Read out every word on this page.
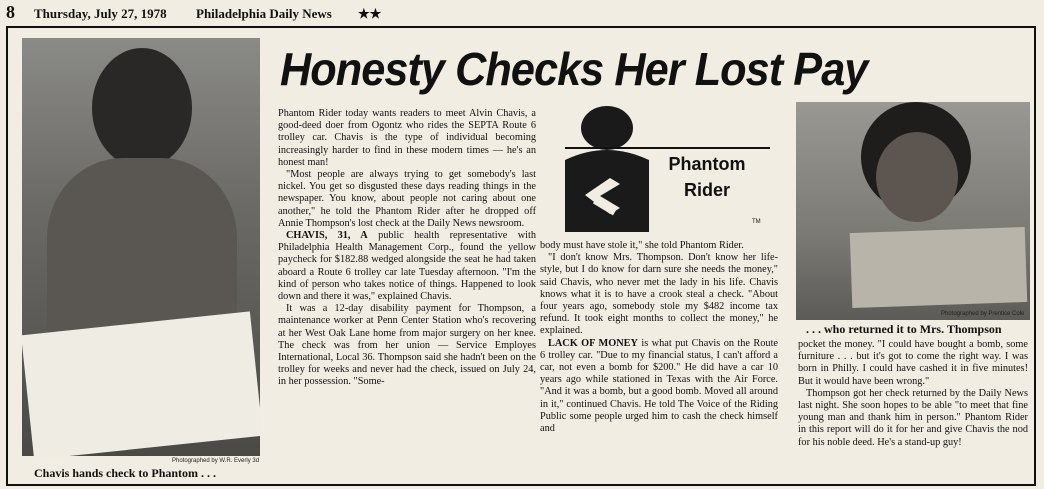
8 Thursday, July 27, 1978 Philadelphia Daily News ★★
Photographed by W.R. Everly 3d
Chavis hands check to Phantom . . .
Honesty Checks Her Lost Pay

Phantom Rider today wants readers to meet Alvin Chavis, a good-deed doer from Ogontz who rides the SEPTA Route 6 trolley car. Chavis is the type of individual becoming increasingly harder to find in these modern times — he's an honest man!

"Most people are always trying to get somebody's last nickel. You get so disgusted these days reading things in the newspaper. You know, about people not caring about one another," he told the Phantom Rider after he dropped off Annie Thompson's lost check at the Daily News newsroom.

CHAVIS, 31, A public health representative with Philadelphia Health Management Corp., found the yellow paycheck for $182.88 wedged alongside the seat he had taken aboard a Route 6 trolley car late Tuesday afternoon. "I'm the kind of person who takes notice of things. Happened to look down and there it was," explained Chavis.

It was a 12-day disability payment for Thompson, a maintenance worker at Penn Center Station who's recovering at her West Oak Lane home from major surgery on her knee. The check was from her union — Service Employes International, Local 36. Thompson said she hadn't been on the trolley for weeks and never had the check, issued on July 24, in her possession. "Some-

Phantom
Rider
TM

body must have stole it," she told Phantom Rider.

"I don't know Mrs. Thompson. Don't know her life-style, but I do know for darn sure she needs the money," said Chavis, who never met the lady in his life. Chavis knows what it is to have a crook steal a check. "About four years ago, somebody stole my $482 income tax refund. It took eight months to collect the money," he explained.

LACK OF MONEY is what put Chavis on the Route 6 trolley car. "Due to my financial status, I can't afford a car, not even a bomb for $200." He did have a car 10 years ago while stationed in Texas with the Air Force. "And it was a bomb, but a good bomb. Moved all around in it," continued Chavis. He told The Voice of the Riding Public some people urged him to cash the check himself and

Photographed by Prentice Cole
. . . who returned it to Mrs. Thompson

pocket the money. "I could have bought a bomb, some furniture . . . but it's got to come the right way. I was born in Philly. I could have cashed it in five minutes! But it would have been wrong."

Thompson got her check returned by the Daily News last night. She soon hopes to be able "to meet that fine young man and thank him in person." Phantom Rider in this report will do it for her and give Chavis the nod for his noble deed. He's a stand-up guy!
